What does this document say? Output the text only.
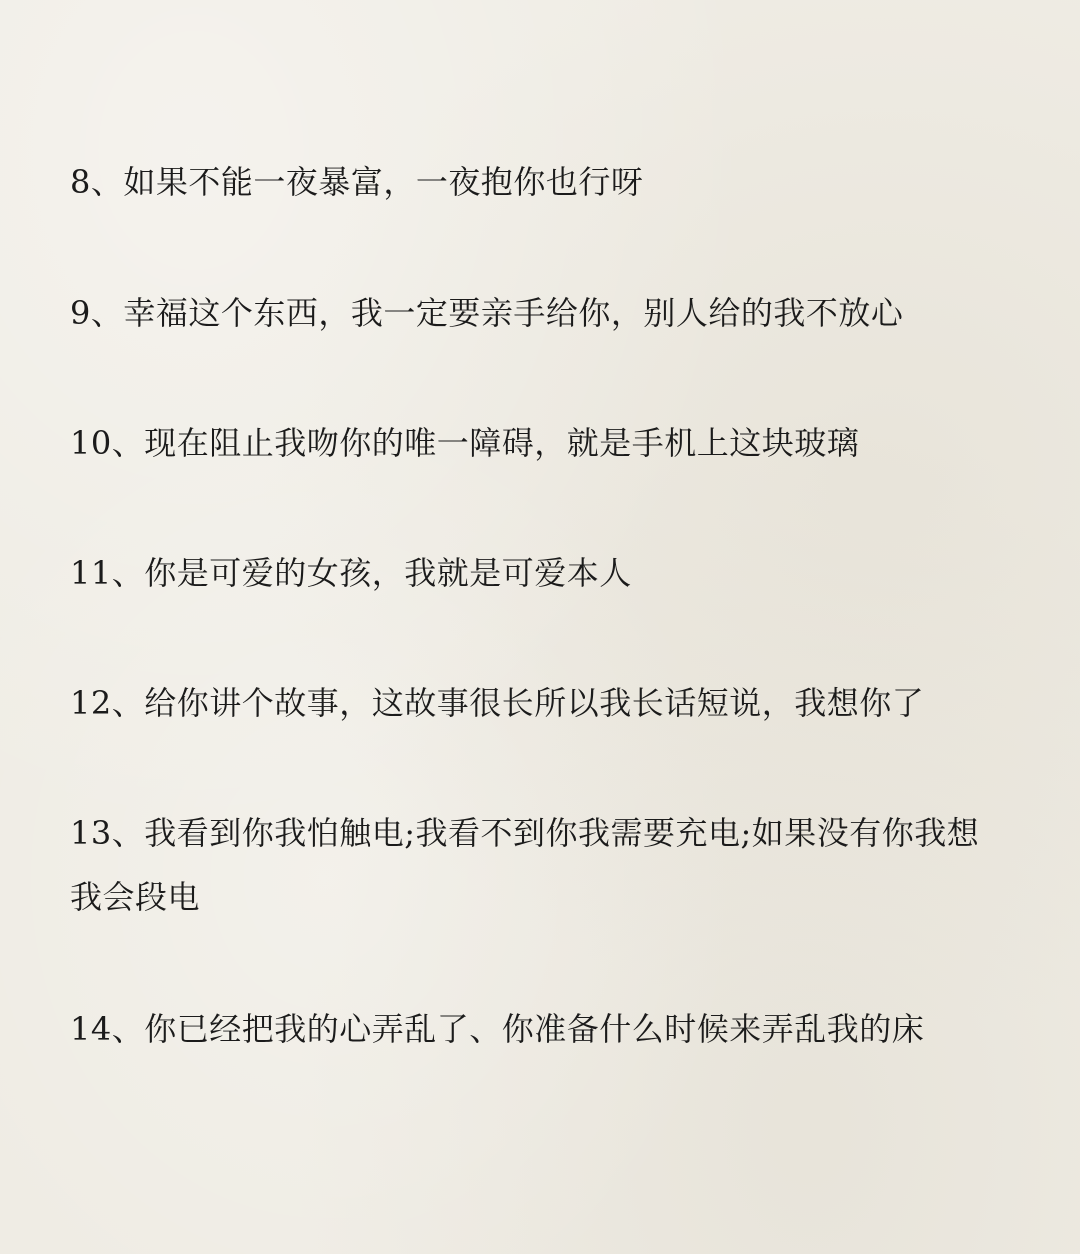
8、如果不能一夜暴富，一夜抱你也行呀
9、幸福这个东西，我一定要亲手给你，别人给的我不放心
10、现在阻止我吻你的唯一障碍，就是手机上这块玻璃
11、你是可爱的女孩，我就是可爱本人
12、给你讲个故事，这故事很长所以我长话短说，我想你了
13、我看到你我怕触电;我看不到你我需要充电;如果没有你我想我会段电
14、你已经把我的心弄乱了、你准备什么时候来弄乱我的床
